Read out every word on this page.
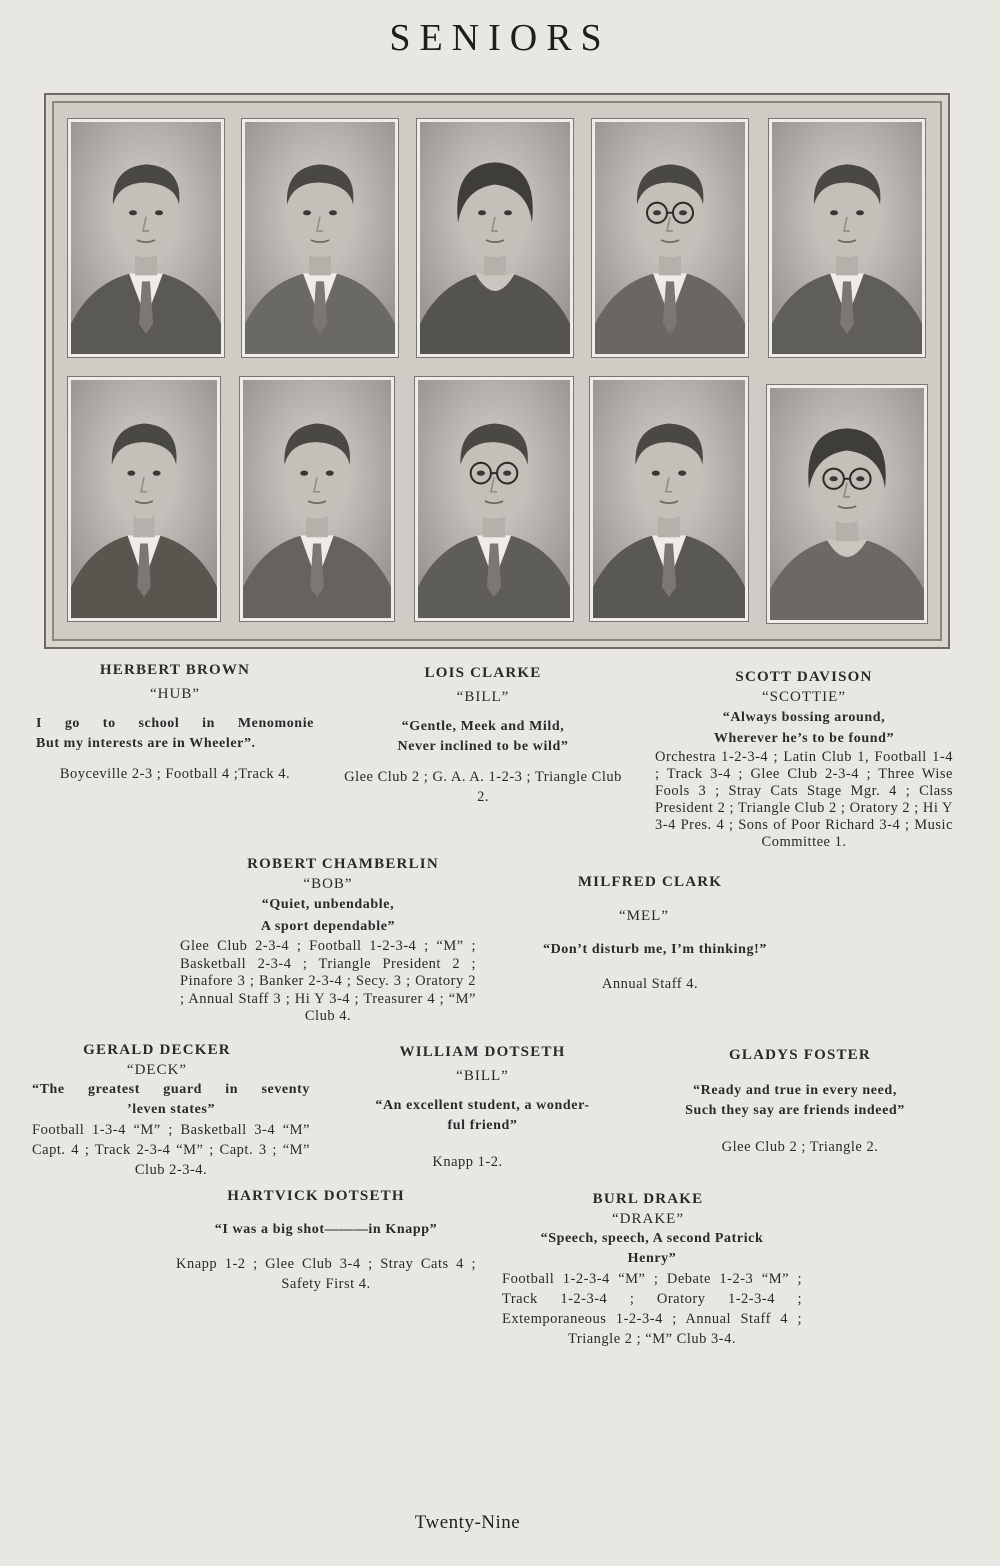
SENIORS
HERBERT BROWN
“HUB”
I go to school in Menomonie
But my interests are in Wheeler”.
Boyceville 2-3 ; Football 4 ;Track 4.
LOIS CLARKE
“BILL”
“Gentle, Meek and Mild,
Never inclined to be wild”
Glee Club 2 ; G. A. A. 1-2-3 ; Triangle Club 2.
SCOTT DAVISON
“SCOTTIE”
“Always bossing around,
Wherever he’s to be found”
Orchestra 1-2-3-4 ; Latin Club 1, Football 1-4 ; Track 3-4 ; Glee Club 2-3-4 ; Three Wise Fools 3 ; Stray Cats Stage Mgr. 4 ; Class President 2 ; Triangle Club 2 ; Oratory 2 ; Hi Y 3-4 Pres. 4 ; Sons of Poor Richard 3-4 ; Music Committee 1.
ROBERT CHAMBERLIN
“BOB”
“Quiet, unbendable,
A sport dependable”
Glee Club 2-3-4 ; Football 1-2-3-4 ; “M” ; Basketball 2-3-4 ; Triangle President 2 ; Pinafore 3 ; Banker 2-3-4 ; Secy. 3 ; Oratory 2 ; Annual Staff 3 ; Hi Y 3-4 ; Treasurer 4 ; “M” Club 4.
MILFRED CLARK
“MEL”
“Don’t disturb me, I’m thinking!”
Annual Staff 4.
GERALD DECKER
“DECK”
“The greatest guard in seventy
’leven states”
Football 1-3-4 “M” ; Basketball 3-4 “M” Capt. 4 ; Track 2-3-4 “M” ; Capt. 3 ; “M” Club 2-3-4.
WILLIAM DOTSETH
“BILL”
“An excellent student, a wonder-
ful friend”
Knapp 1-2.
GLADYS FOSTER
“Ready and true in every need,
Such they say are friends indeed”
Glee Club 2 ; Triangle 2.
HARTVICK DOTSETH
“I was a big shot———in Knapp”
Knapp 1-2 ; Glee Club 3-4 ; Stray Cats 4 ; Safety First 4.
BURL DRAKE
“DRAKE”
“Speech, speech, A second Patrick
Henry”
Football 1-2-3-4 “M” ; Debate 1-2-3 “M” ; Track 1-2-3-4 ; Oratory 1-2-3-4 ; Extemporaneous 1-2-3-4 ; Annual Staff 4 ; Triangle 2 ; “M” Club 3-4.
Twenty-Nine
